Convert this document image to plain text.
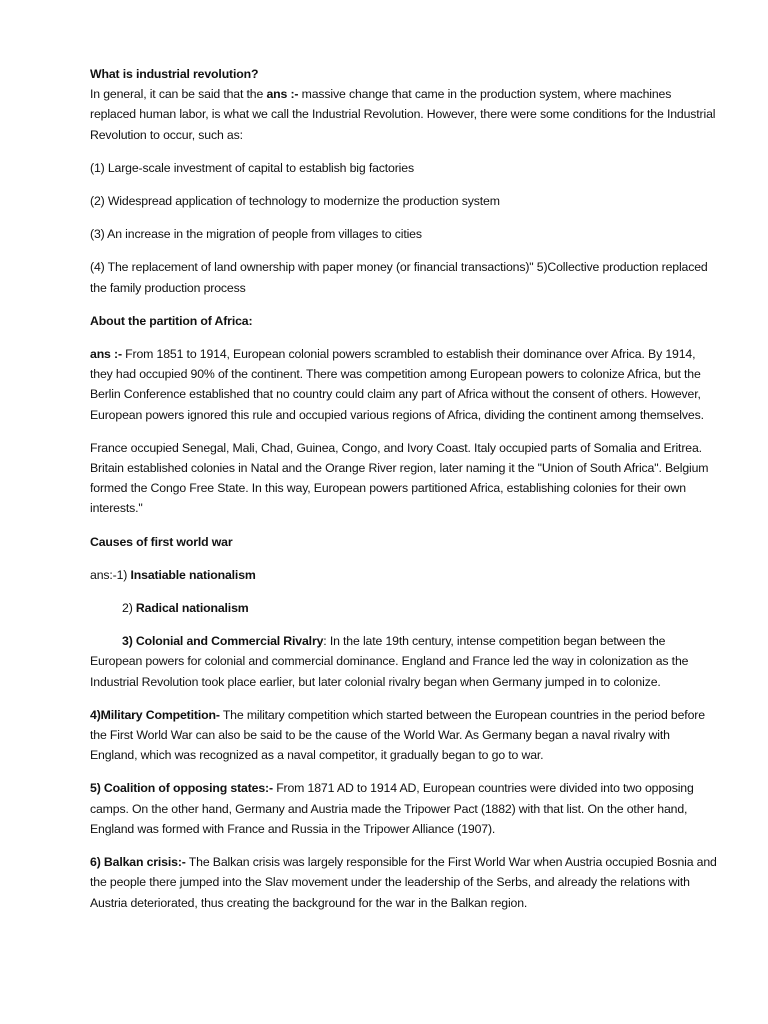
What is industrial revolution?

In general, it can be said that the ans :- massive change that came in the production system, where machines replaced human labor, is what we call the Industrial Revolution. However, there were some conditions for the Industrial Revolution to occur, such as:

(1) Large-scale investment of capital to establish big factories

(2) Widespread application of technology to modernize the production system

(3) An increase in the migration of people from villages to cities

(4) The replacement of land ownership with paper money (or financial transactions)" 5)Collective production replaced the family production process

About the partition of Africa:

ans :- From 1851 to 1914, European colonial powers scrambled to establish their dominance over Africa. By 1914, they had occupied 90% of the continent. There was competition among European powers to colonize Africa, but the Berlin Conference established that no country could claim any part of Africa without the consent of others. However, European powers ignored this rule and occupied various regions of Africa, dividing the continent among themselves.

France occupied Senegal, Mali, Chad, Guinea, Congo, and Ivory Coast. Italy occupied parts of Somalia and Eritrea. Britain established colonies in Natal and the Orange River region, later naming it the "Union of South Africa". Belgium formed the Congo Free State. In this way, European powers partitioned Africa, establishing colonies for their own interests."

Causes of first world war

ans:-1) Insatiable nationalism

2) Radical nationalism

3) Colonial and Commercial Rivalry: In the late 19th century, intense competition began between the European powers for colonial and commercial dominance. England and France led the way in colonization as the Industrial Revolution took place earlier, but later colonial rivalry began when Germany jumped in to colonize.

4)Military Competition- The military competition which started between the European countries in the period before the First World War can also be said to be the cause of the World War. As Germany began a naval rivalry with England, which was recognized as a naval competitor, it gradually began to go to war.

5) Coalition of opposing states:- From 1871 AD to 1914 AD, European countries were divided into two opposing camps. On the other hand, Germany and Austria made the Tripower Pact (1882) with that list. On the other hand, England was formed with France and Russia in the Tripower Alliance (1907).

6) Balkan crisis:- The Balkan crisis was largely responsible for the First World War when Austria occupied Bosnia and the people there jumped into the Slav movement under the leadership of the Serbs, and already the relations with Austria deteriorated, thus creating the background for the war in the Balkan region.
